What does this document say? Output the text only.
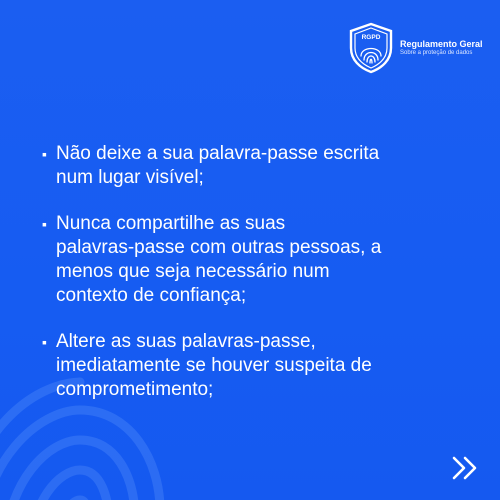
RGPD
Regulamento Geral
Sobre a proteção de dados
▪ Não deixe a sua palavra-passe escrita
num lugar visível;
▪ Nunca compartilhe as suas
palavras-passe com outras pessoas, a
menos que seja necessário num
contexto de confiança;
▪ Altere as suas palavras-passe,
imediatamente se houver suspeita de
comprometimento;
